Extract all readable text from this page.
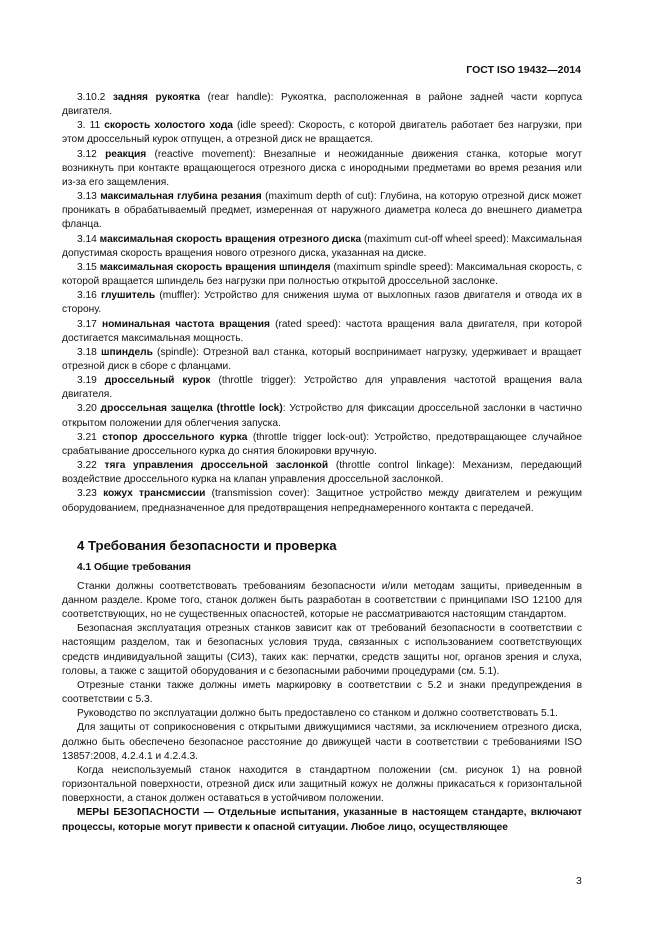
ГОСТ ISO 19432—2014

3.10.2 задняя рукоятка (rear handle): Рукоятка, расположенная в районе задней части корпуса двигателя.

3. 11 скорость холостого хода (idle speed): Скорость, с которой двигатель работает без нагрузки, при этом дроссельный курок отпущен, а отрезной диск не вращается.

3.12 реакция (reactive movement): Внезапные и неожиданные движения станка, которые могут возникнуть при контакте вращающегося отрезного диска с инородными предметами во время резания или из-за его защемления.

3.13 максимальная глубина резания (maximum depth of cut): Глубина, на которую отрезной диск может проникать в обрабатываемый предмет, измеренная от наружного диаметра колеса до внешнего диаметра фланца.

3.14 максимальная скорость вращения отрезного диска (maximum cut-off wheel speed): Максимальная допустимая скорость вращения нового отрезного диска, указанная на диске.

3.15 максимальная скорость вращения шпинделя (maximum spindle speed): Максимальная скорость, с которой вращается шпиндель без нагрузки при полностью открытой дроссельной заслонке.

3.16 глушитель (muffler): Устройство для снижения шума от выхлопных газов двигателя и отвода их в сторону.

3.17 номинальная частота вращения (rated speed): частота вращения вала двигателя, при которой достигается максимальная мощность.

3.18 шпиндель (spindle): Отрезной вал станка, который воспринимает нагрузку, удерживает и вращает отрезной диск в сборе с фланцами.

3.19 дроссельный курок (throttle trigger): Устройство для управления частотой вращения вала двигателя.

3.20 дроссельная защелка (throttle lock): Устройство для фиксации дроссельной заслонки в частично открытом положении для облегчения запуска.

3.21 стопор дроссельного курка (throttle trigger lock-out): Устройство, предотвращающее случайное срабатывание дроссельного курка до снятия блокировки вручную.

3.22 тяга управления дроссельной заслонкой (throttle control linkage): Механизм, передающий воздействие дроссельного курка на клапан управления дроссельной заслонкой.

3.23 кожух трансмиссии (transmission cover): Защитное устройство между двигателем и режущим оборудованием, предназначенное для предотвращения непреднамеренного контакта с передачей.

4 Требования безопасности и проверка
4.1 Общие требования

Станки должны соответствовать требованиям безопасности и/или методам защиты, приведенным в данном разделе. Кроме того, станок должен быть разработан в соответствии с принципами ISO 12100 для соответствующих, но не существенных опасностей, которые не рассматриваются настоящим стандартом.

Безопасная эксплуатация отрезных станков зависит как от требований безопасности в соответствии с настоящим разделом, так и безопасных условия труда, связанных с использованием соответствующих средств индивидуальной защиты (СИЗ), таких как: перчатки, средств защиты ног, органов зрения и слуха, головы, а также с защитой оборудования и с безопасными рабочими процедурами (см. 5.1).

Отрезные станки также должны иметь маркировку в соответствии с 5.2 и знаки предупреждения в соответствии с 5.3.

Руководство по эксплуатации должно быть предоставлено со станком и должно соответствовать 5.1.

Для защиты от соприкосновения с открытыми движущимися частями, за исключением отрезного диска, должно быть обеспечено безопасное расстояние до движущей части в соответствии с требованиями ISO 13857:2008, 4.2.4.1 и 4.2.4.3.

Когда неиспользуемый станок находится в стандартном положении (см. рисунок 1) на ровной горизонтальной поверхности, отрезной диск или защитный кожух не должны прикасаться к горизонтальной поверхности, а станок должен оставаться в устойчивом положении.

МЕРЫ БЕЗОПАСНОСТИ — Отдельные испытания, указанные в настоящем стандарте, включают процессы, которые могут привести к опасной ситуации. Любое лицо, осуществляющее

3
